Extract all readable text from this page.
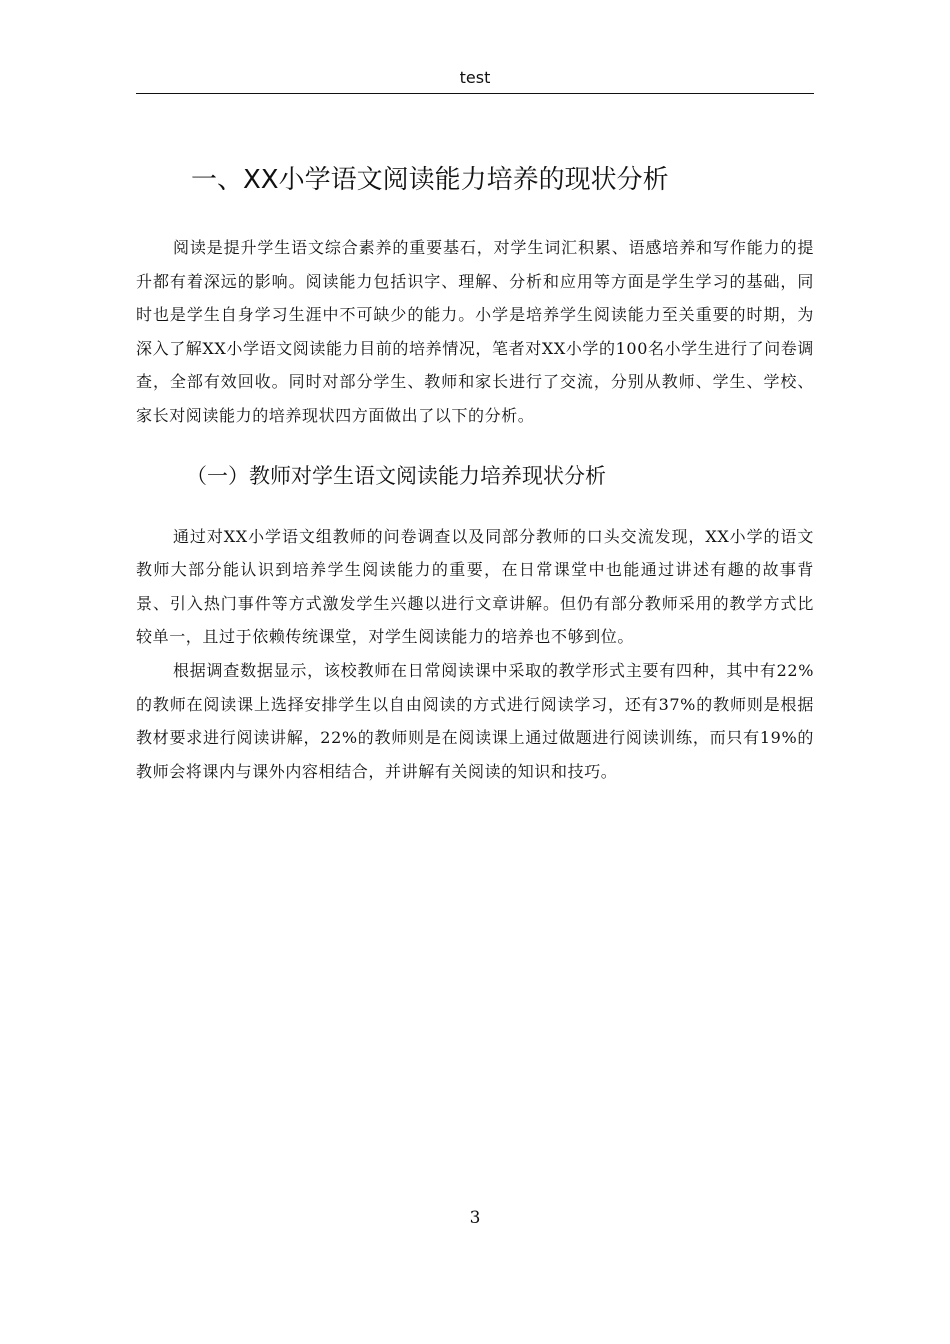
test
一、XX小学语文阅读能力培养的现状分析

阅读是提升学生语文综合素养的重要基石，对学生词汇积累、语感培养和写作能力的提升都有着深远的影响。阅读能力包括识字、理解、分析和应用等方面是学生学习的基础，同时也是学生自身学习生涯中不可缺少的能力。小学是培养学生阅读能力至关重要的时期，为深入了解XX小学语文阅读能力目前的培养情况，笔者对XX小学的100名小学生进行了问卷调查，全部有效回收。同时对部分学生、教师和家长进行了交流，分别从教师、学生、学校、家长对阅读能力的培养现状四方面做出了以下的分析。

（一）教师对学生语文阅读能力培养现状分析

通过对XX小学语文组教师的问卷调查以及同部分教师的口头交流发现，XX小学的语文教师大部分能认识到培养学生阅读能力的重要，在日常课堂中也能通过讲述有趣的故事背景、引入热门事件等方式激发学生兴趣以进行文章讲解。但仍有部分教师采用的教学方式比较单一，且过于依赖传统课堂，对学生阅读能力的培养也不够到位。

根据调查数据显示，该校教师在日常阅读课中采取的教学形式主要有四种，其中有22%的教师在阅读课上选择安排学生以自由阅读的方式进行阅读学习，还有37%的教师则是根据教材要求进行阅读讲解，22%的教师则是在阅读课上通过做题进行阅读训练，而只有19%的教师会将课内与课外内容相结合，并讲解有关阅读的知识和技巧。

3
